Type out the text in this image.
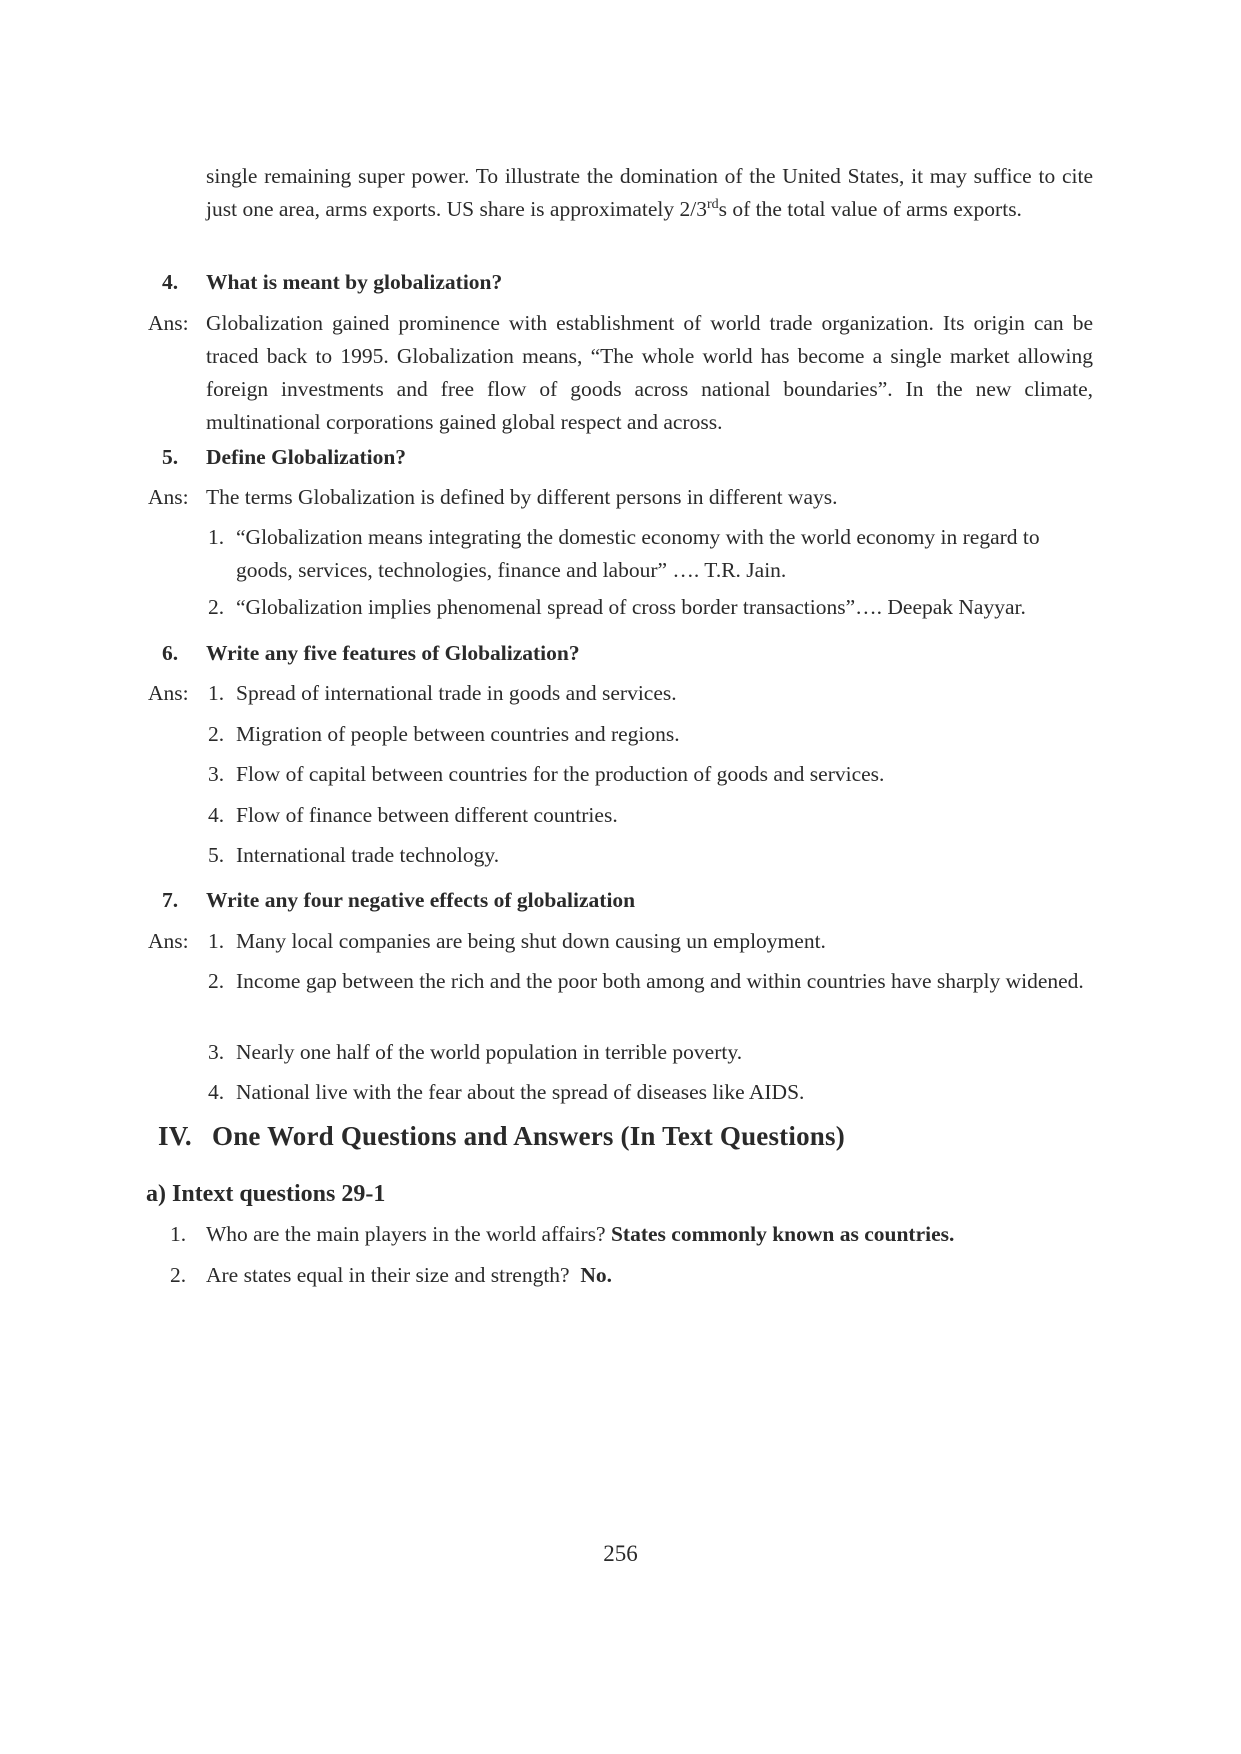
single remaining super power. To illustrate the domination of the United States, it may suffice to cite just one area, arms exports. US share is approximately 2/3rds of the total value of arms exports.

4.	What is meant by globalization?

Ans: Globalization gained prominence with establishment of world trade organization. Its origin can be traced back to 1995. Globalization means, “The whole world has become a single market allowing foreign investments and free flow of goods across national boundaries”. In the new climate, multinational corporations gained global respect and across.

5.	Define Globalization?

Ans: The terms Globalization is defined by different persons in different ways.
1. “Globalization means integrating the domestic economy with the world economy in regard to goods, services, technologies, finance and labour” …. T.R. Jain.
2. “Globalization implies phenomenal spread of cross border transactions”…. Deepak Nayyar.

6.	Write any five features of Globalization?

Ans: 1. Spread of international trade in goods and services.
2. Migration of people between countries and regions.
3. Flow of capital between countries for the production of goods and services.
4. Flow of finance between different countries.
5. International trade technology.

7.	Write any four negative effects of globalization

Ans: 1. Many local companies are being shut down causing un employment.
2. Income gap between the rich and the poor both among and within countries have sharply widened.
3. Nearly one half of the world population in terrible poverty.
4. National live with the fear about the spread of diseases like AIDS.

IV. One Word Questions and Answers (In Text Questions)

a) Intext questions 29-1

1. Who are the main players in the world affairs? States commonly known as countries.

2. Are states equal in their size and strength? No.

256
